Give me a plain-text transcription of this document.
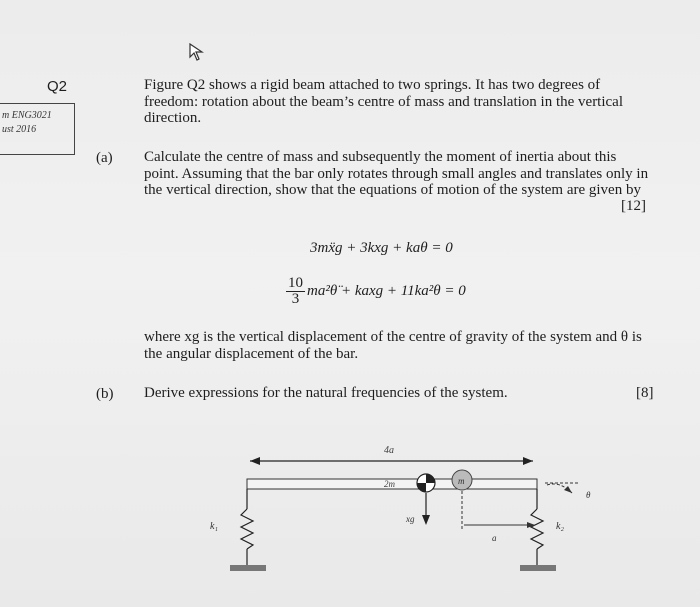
m ENG3021
ust 2016
Q2	Figure Q2 shows a rigid beam attached to two springs. It has two degrees of freedom: rotation about the beam’s centre of mass and translation in the vertical direction.
(a) Calculate the centre of mass and subsequently the moment of inertia about this point. Assuming that the bar only rotates through small angles and translates only in the vertical direction, show that the equations of motion of the system are given by
[12]
3mẍg + 3kxg + kaθ = 0
$\frac{10}{3}$ ma²θ̈ + kaxg + 11ka²θ = 0
where xg is the vertical displacement of the centre of gravity of the system and θ is the angular displacement of the bar.
(b) Derive expressions for the natural frequencies of the system.	[8]
4a
2m	m
k₁	k₂
xg
a
θ
